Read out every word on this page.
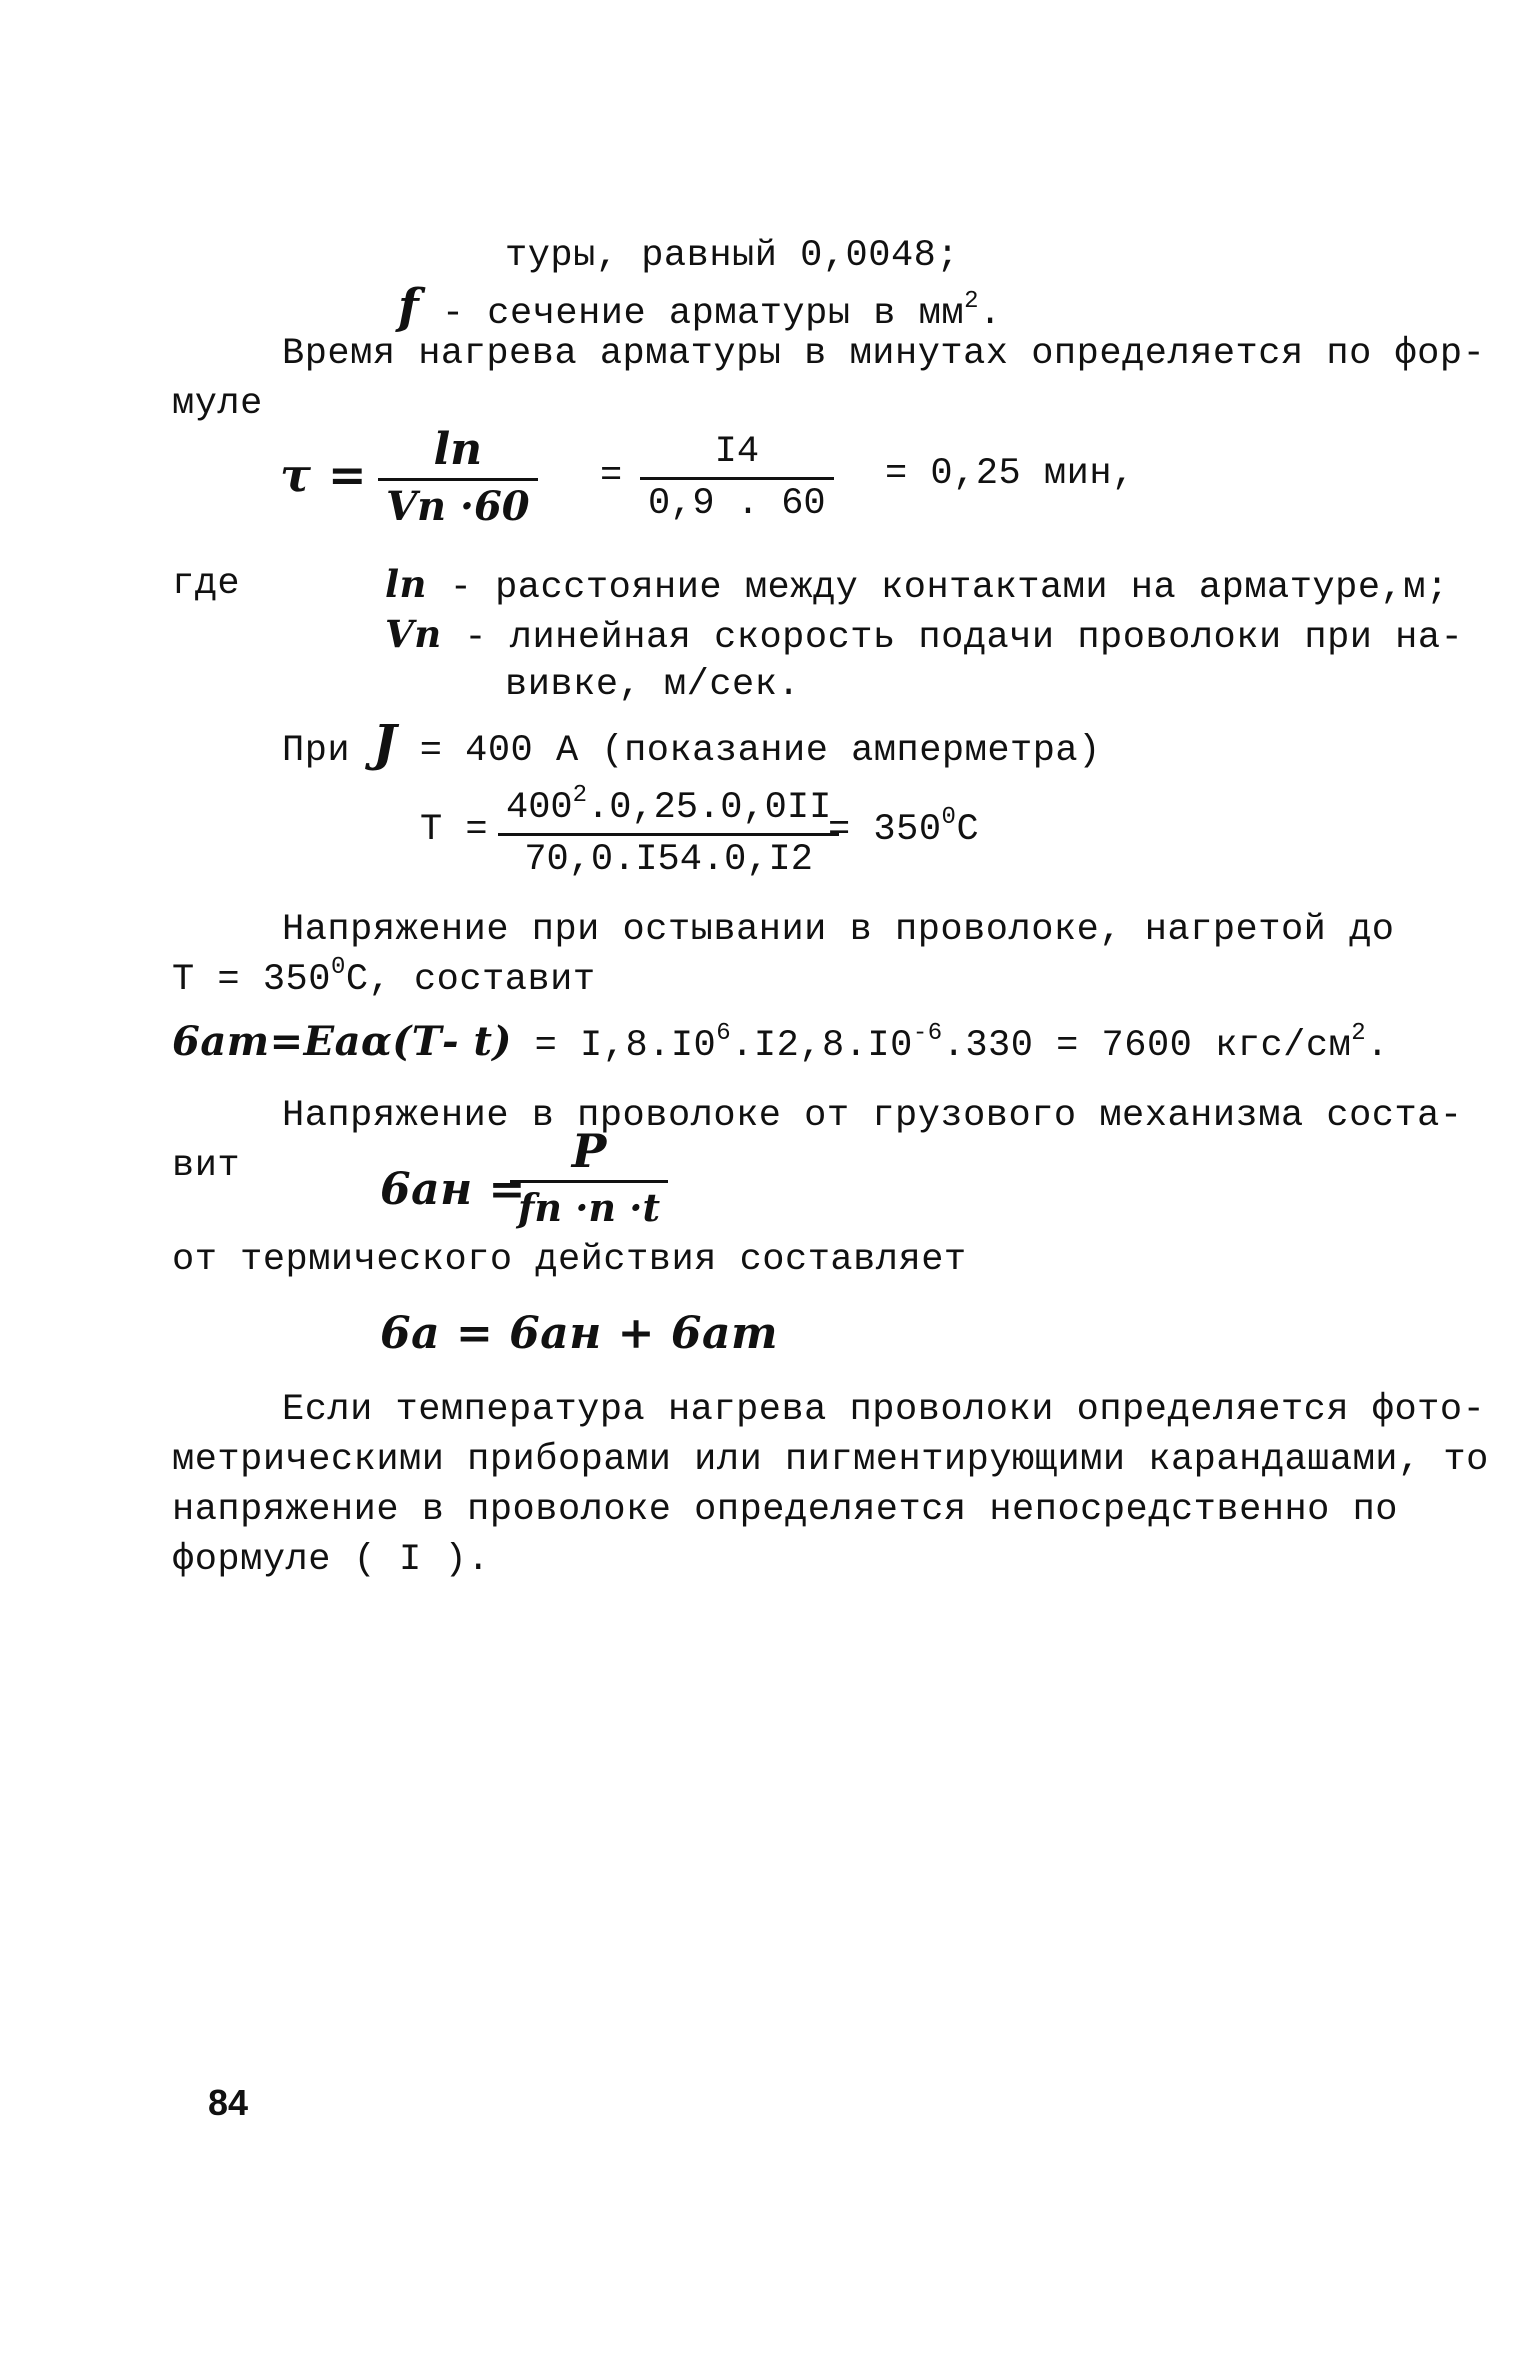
туры, равный 0,0048;
f - сечение арматуры в $мм^2$.
Время нагрева арматуры в минутах определяется по фор-
муле
τ = ln
Vn ·60
=
I4
0,9 . 60
= 0,25 мин,
где	ln - расстояние между контактами на арматуре,м;
Vn - линейная скорость подачи проволоки при на-
вивке, м/сек.
При J = 400 А (показание амперметра)
Т =
$400^2.0,25.0,0II$
70,0.I54.0,I2
= $350^0С$
Напряжение при остывании в проволоке, нагретой до
$T = 350^0С$, составит
6ат=Eаα(Т- $t) = I,8.I0^6.I2,8.I0^{-6}.330 = 7600$ кгс/$см^2$.
Напряжение в проволоке от грузового механизма соста-
вит	6ан =
P
fn ·n ·t
от термического действия составляет
6а = 6ан + 6ат
Если температура нагрева проволоки определяется фото-
метрическими приборами или пигментирующими карандашами, то
напряжение в проволоке определяется непосредственно по
формуле ( I ).
84
